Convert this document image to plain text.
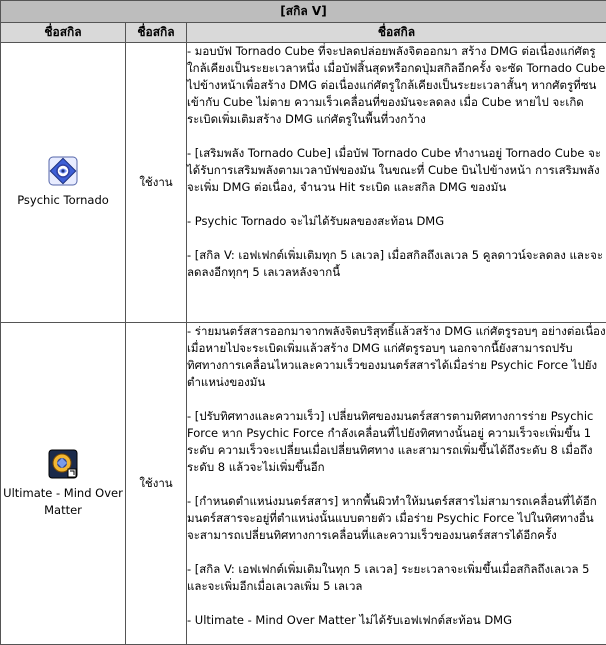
[สกิล V]		
ชื่อสกิล	ชื่อสกิล	ชื่อสกิล

Psychic Tornado	ใช้งาน	- มอบบัฟ Tornado Cube ที่จะปลดปล่อยพลังจิตออกมา สร้าง DMG ต่อเนื่องแก่ศัตรูใกล้เคียงเป็นระยะเวลาหนึ่ง เมื่อบัฟสิ้นสุดหรือกดปุ่มสกิลอีกครั้ง จะซัด Tornado Cube ไปข้างหน้าเพื่อสร้าง DMG ต่อเนื่องแก่ศัตรูใกล้เคียงเป็นระยะเวลาสั้นๆ หากศัตรูที่ซนเข้ากับ Cube ไม่ตาย ความเร็วเคลื่อนที่ของมันจะลดลง เมื่อ Cube หายไป จะเกิดระเบิดเพิ่มเติมสร้าง DMG แก่ศัตรูในพื้นที่วงกว้าง

- [เสริมพลัง Tornado Cube] เมื่อบัฟ Tornado Cube ทำงานอยู่ Tornado Cube จะได้รับการเสริมพลังตามเวลาบัฟของมัน ในขณะที่ Cube บินไปข้างหน้า การเสริมพลังจะเพิ่ม DMG ต่อเนื่อง, จำนวน Hit ระเบิด และสกิล DMG ของมัน

- Psychic Tornado จะไม่ได้รับผลของสะท้อน DMG

- [สกิล V: เอฟเฟกต์เพิ่มเติมทุก 5 เลเวล] เมื่อสกิลถึงเลเวล 5 คูลดาวน์จะลดลง และจะลดลงอีกทุกๆ 5 เลเวลหลังจากนี้

Ultimate - Mind Over Matter	ใช้งาน	- ร่ายมนตร์สสารออกมาจากพลังจิตบริสุทธิ์แล้วสร้าง DMG แก่ศัตรูรอบๆ อย่างต่อเนื่อง เมื่อหายไปจะระเบิดเพิ่มแล้วสร้าง DMG แก่ศัตรูรอบๆ นอกจากนี้ยังสามารถปรับทิศทางการเคลื่อนไหวและความเร็วของมนตร์สสารได้เมื่อร่าย Psychic Force ไปยังตำแหน่งของมัน

- [ปรับทิศทางและความเร็ว] เปลี่ยนทิศของมนตร์สสารตามทิศทางการร่าย Psychic Force หาก Psychic Force กำลังเคลื่อนที่ไปยังทิศทางนั้นอยู่ ความเร็วจะเพิ่มขึ้น 1 ระดับ ความเร็วจะเปลี่ยนเมื่อเปลี่ยนทิศทาง และสามารถเพิ่มขึ้นได้ถึงระดับ 8 เมื่อถึงระดับ 8 แล้วจะไม่เพิ่มขึ้นอีก

- [กำหนดตำแหน่งมนตร์สสาร] หากพื้นผิวทำให้มนตร์สสารไม่สามารถเคลื่อนที่ได้อีก มนตร์สสารจะอยู่ที่ตำแหน่งนั้นแบบตายตัว เมื่อร่าย Psychic Force ไปในทิศทางอื่น จะสามารถเปลี่ยนทิศทางการเคลื่อนที่และความเร็วของมนตร์สสารได้อีกครั้ง

- [สกิล V: เอฟเฟกต์เพิ่มเติมในทุก 5 เลเวล] ระยะเวลาจะเพิ่มขึ้นเมื่อสกิลถึงเลเวล 5 และจะเพิ่มอีกเมื่อเลเวลเพิ่ม 5 เลเวล

- Ultimate - Mind Over Matter ไม่ได้รับเอฟเฟกต์สะท้อน DMG
